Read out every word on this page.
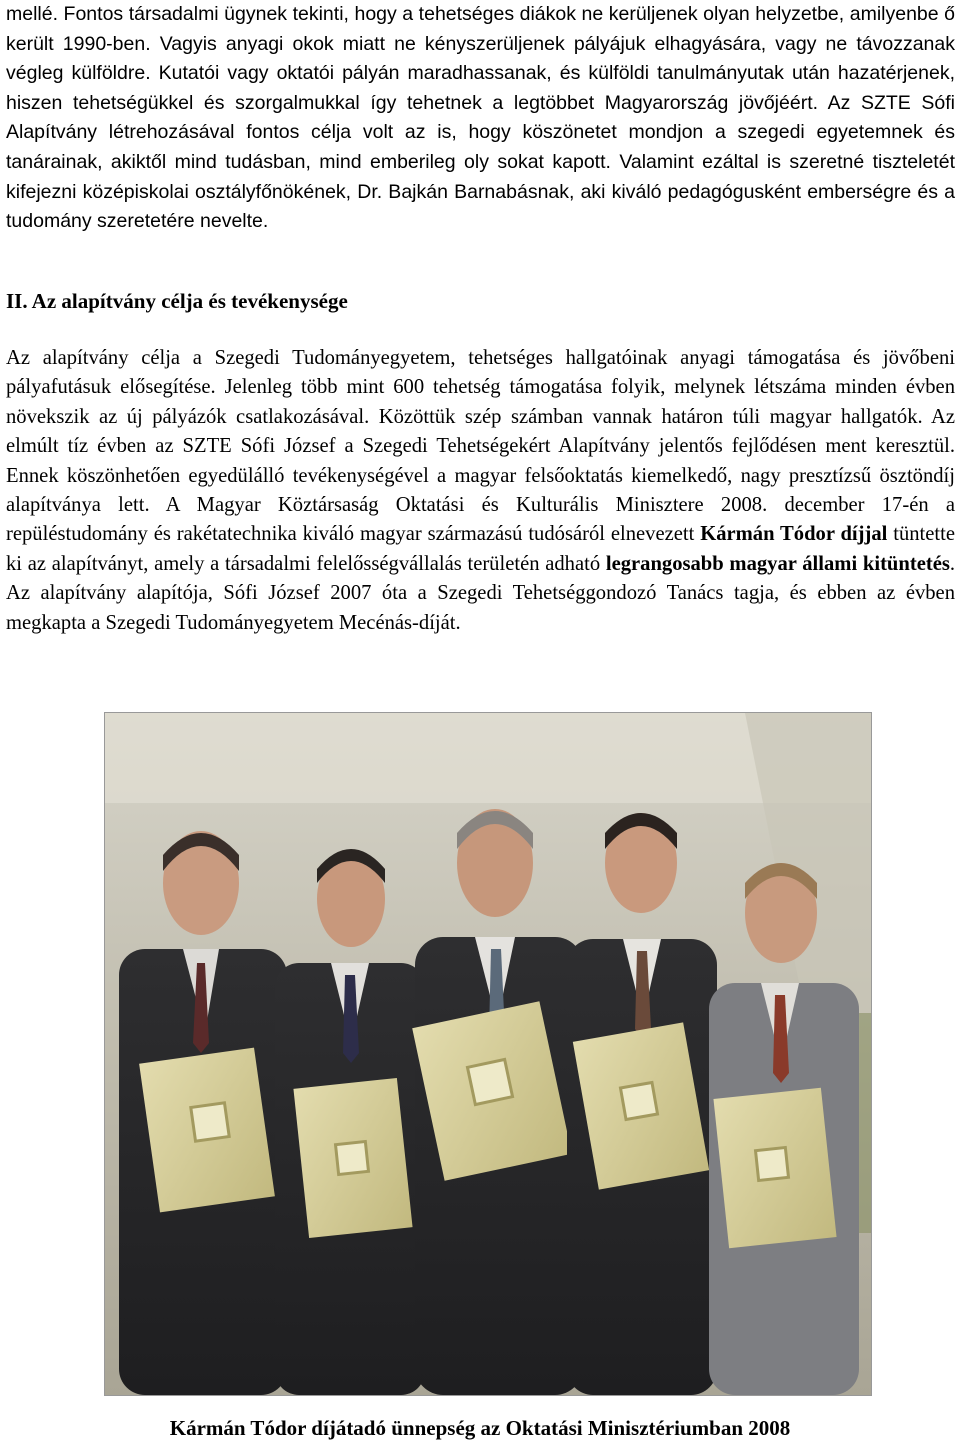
mellé. Fontos társadalmi ügynek tekinti, hogy a tehetséges diákok ne kerüljenek olyan helyzetbe, amilyenbe ő került 1990-ben. Vagyis anyagi okok miatt ne kényszerüljenek pályájuk elhagyására, vagy ne távozzanak végleg külföldre. Kutatói vagy oktatói pályán maradhassanak, és külföldi tanulmányutak után hazatérjenek, hiszen tehetségükkel és szorgalmukkal így tehetnek a legtöbbet Magyarország jövőjéért. Az SZTE Sófi Alapítvány létrehozásával fontos célja volt az is, hogy köszönetet mondjon a szegedi egyetemnek és tanárainak, akiktől mind tudásban, mind emberileg oly sokat kapott. Valamint ezáltal is szeretné tiszteletét kifejezni középiskolai osztályfőnökének, Dr. Bajkán Barnabásnak, aki kiváló pedagógusként emberségre és a tudomány szeretetére nevelte.

II. Az alapítvány célja és tevékenysége

Az alapítvány célja a Szegedi Tudományegyetem, tehetséges hallgatóinak anyagi támogatása és jövőbeni pályafutásuk elősegítése. Jelenleg több mint 600 tehetség támogatása folyik, melynek létszáma minden évben növekszik az új pályázók csatlakozásával. Közöttük szép számban vannak határon túli magyar hallgatók. Az elmúlt tíz évben az SZTE Sófi József a Szegedi Tehetségekért Alapítvány jelentős fejlődésen ment keresztül. Ennek köszönhetően egyedülálló tevékenységével a magyar felsőoktatás kiemelkedő, nagy presztízsű ösztöndíj alapítványa lett. A Magyar Köztársaság Oktatási és Kulturális Minisztere 2008. december 17-én a repüléstudomány és rakétatechnika kiváló magyar származású tudósáról elnevezett Kármán Tódor díjjal tüntette ki az alapítványt, amely a társadalmi felelősségvállalás területén adható legrangosabb magyar állami kitüntetés. Az alapítvány alapítója, Sófi József 2007 óta a Szegedi Tehetséggondozó Tanács tagja, és ebben az évben megkapta a Szegedi Tudományegyetem Mecénás-díját.

Kármán Tódor díjátadó ünnepség az Oktatási Minisztériumban 2008
